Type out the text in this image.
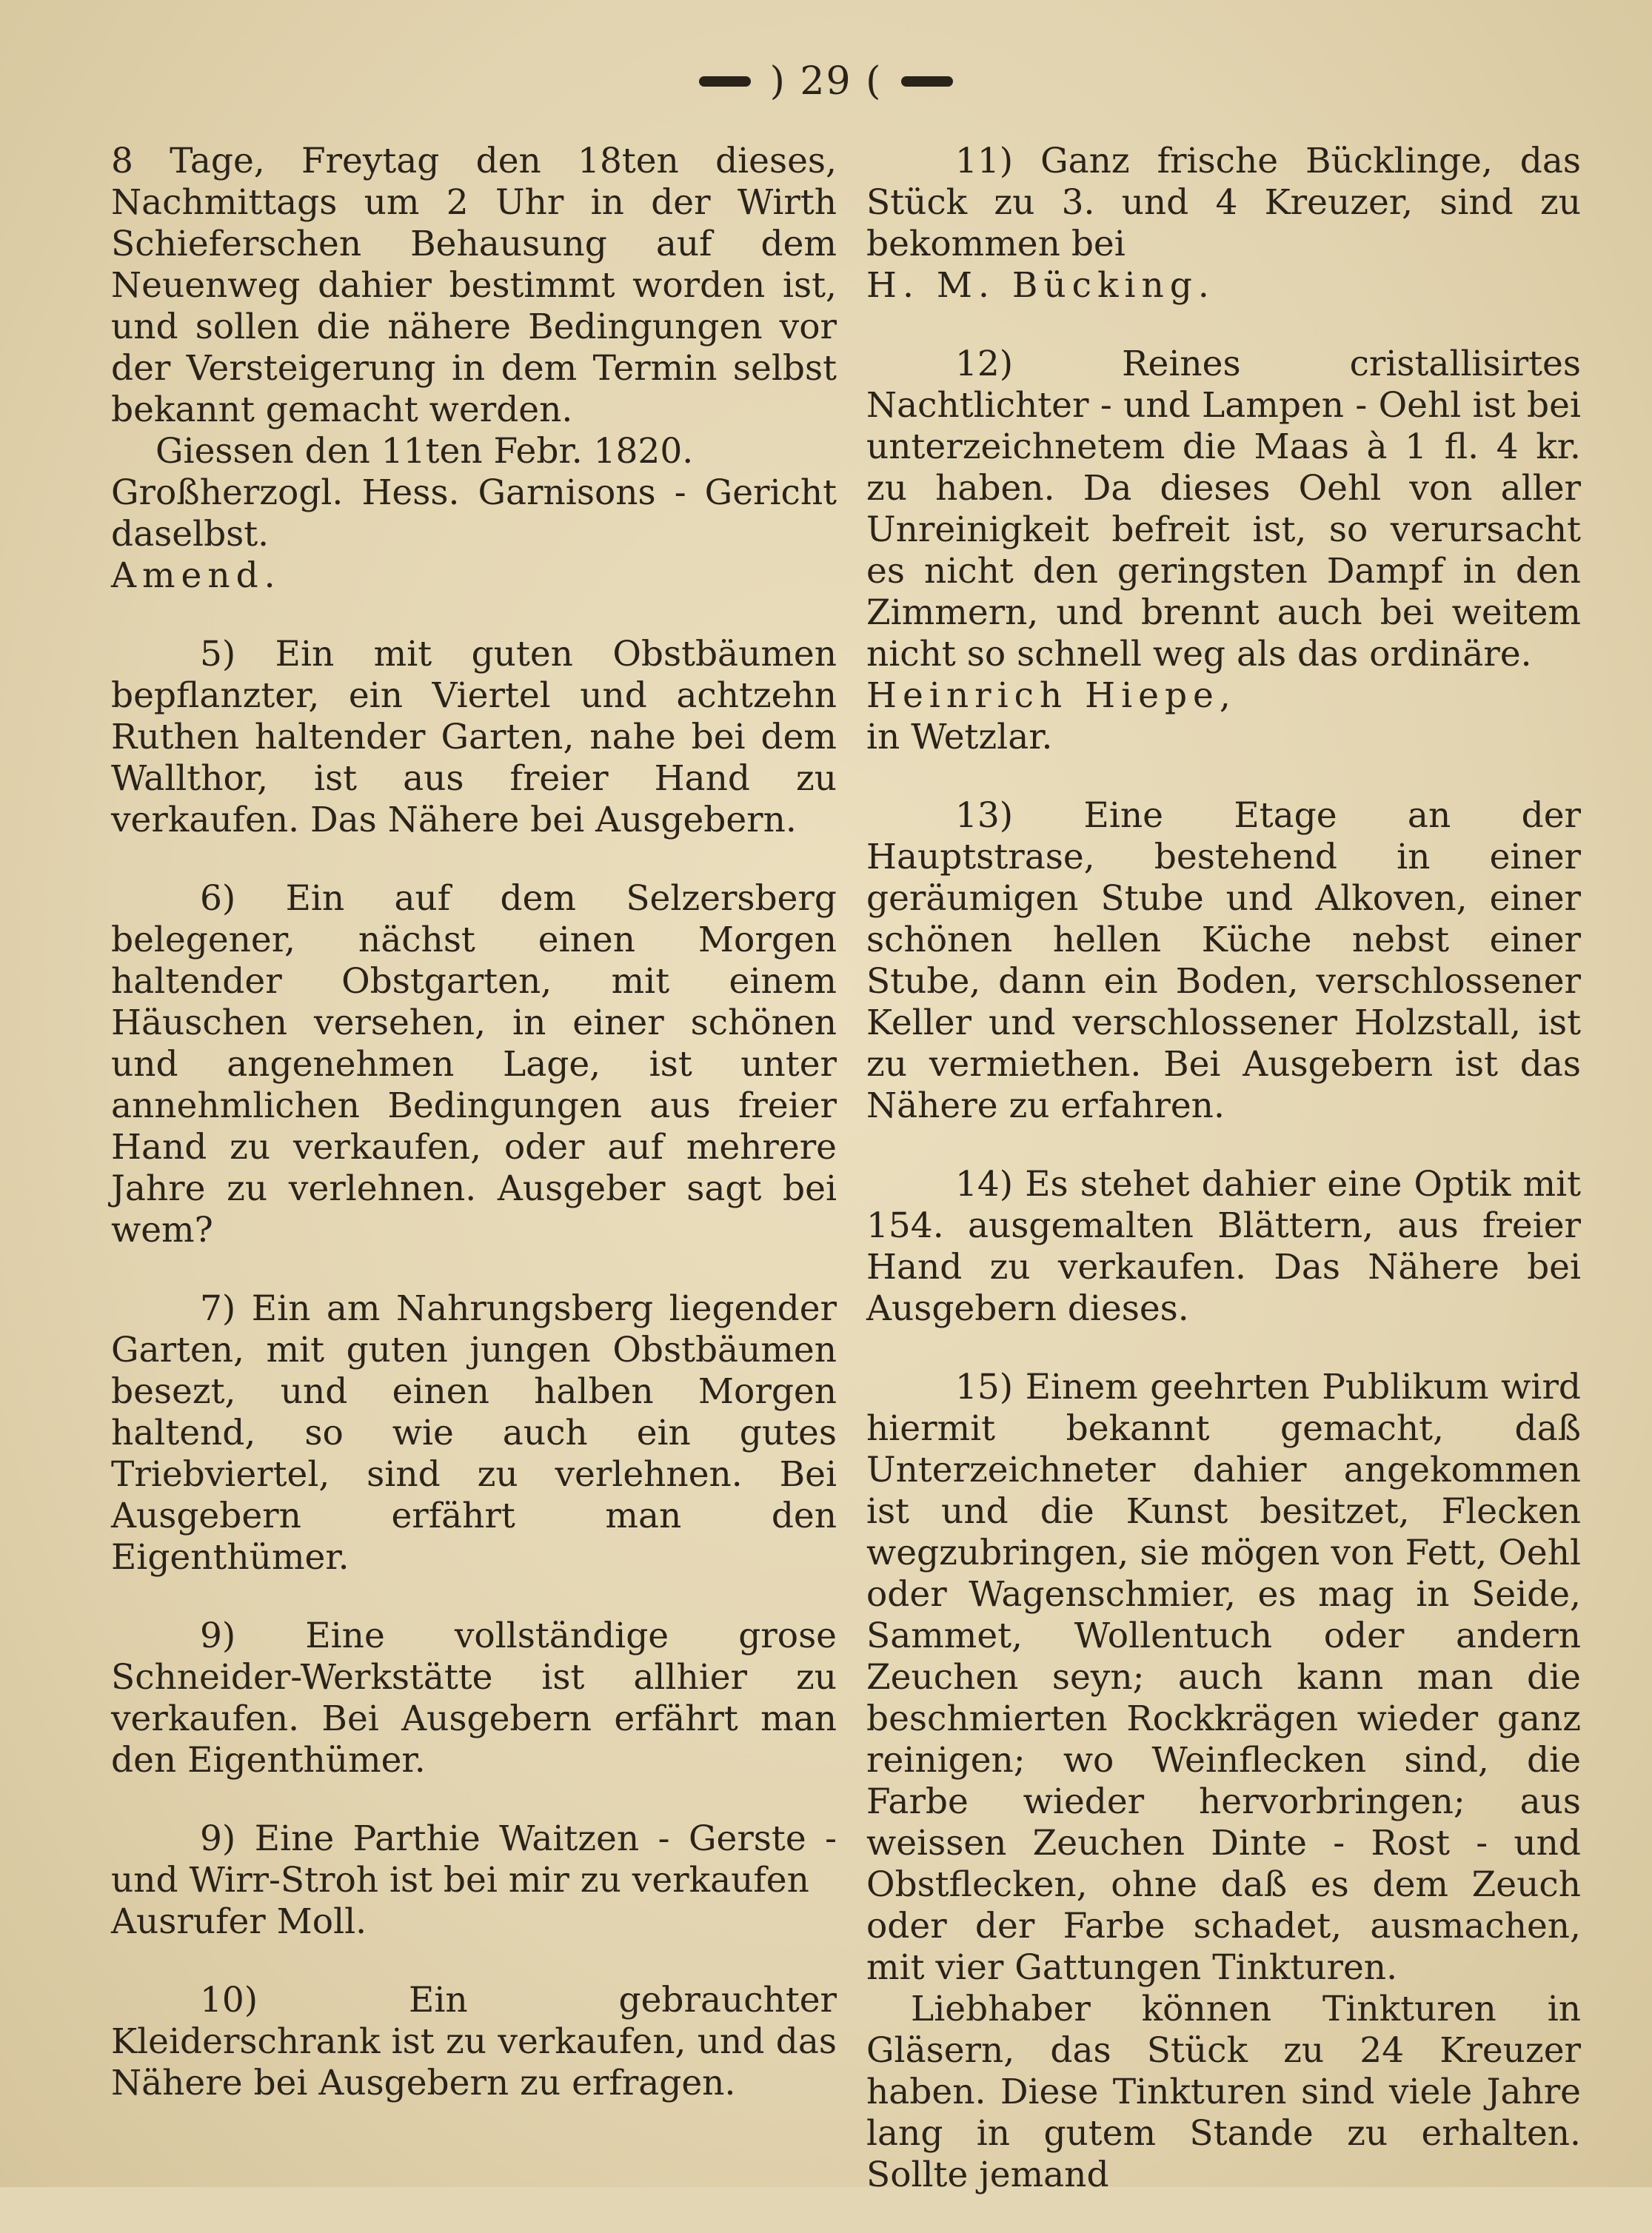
) 29 (

8 Tage, Freytag den 18ten dieses, Nachmittags um 2 Uhr in der Wirth Schieferschen Behausung auf dem Neuenweg dahier bestimmt worden ist, und sollen die nähere Bedingungen vor der Versteigerung in dem Termin selbst bekannt gemacht werden.

Giessen den 11ten Febr. 1820.

Großherzogl. Hess. Garnisons - Gericht daselbst.

Amend.

5) Ein mit guten Obstbäumen bepflanzter, ein Viertel und achtzehn Ruthen haltender Garten, nahe bei dem Wallthor, ist aus freier Hand zu verkaufen. Das Nähere bei Ausgebern.

6) Ein auf dem Selzersberg belegener, nächst einen Morgen haltender Obstgarten, mit einem Häuschen versehen, in einer schönen und angenehmen Lage, ist unter annehmlichen Bedingungen aus freier Hand zu verkaufen, oder auf mehrere Jahre zu verlehnen. Ausgeber sagt bei wem?

7) Ein am Nahrungsberg liegender Garten, mit guten jungen Obstbäumen besezt, und einen halben Morgen haltend, so wie auch ein gutes Triebviertel, sind zu verlehnen. Bei Ausgebern erfährt man den Eigenthümer.

9) Eine vollständige grose Schneider-Werkstätte ist allhier zu verkaufen. Bei Ausgebern erfährt man den Eigenthümer.

9) Eine Parthie Waitzen - Gerste - und Wirr-Stroh ist bei mir zu verkaufen

Ausrufer Moll.

10) Ein gebrauchter Kleiderschrank ist zu verkaufen, und das Nähere bei Ausgebern zu erfragen.

11) Ganz frische Bücklinge, das Stück zu 3. und 4 Kreuzer, sind zu bekommen bei

H. M. Bücking.

12) Reines cristallisirtes Nachtlichter - und Lampen - Oehl ist bei unterzeichnetem die Maas à 1 fl. 4 kr. zu haben. Da dieses Oehl von aller Unreinigkeit befreit ist, so verursacht es nicht den geringsten Dampf in den Zimmern, und brennt auch bei weitem nicht so schnell weg als das ordinäre.

Heinrich Hiepe,

in Wetzlar.

13) Eine Etage an der Hauptstrase, bestehend in einer geräumigen Stube und Alkoven, einer schönen hellen Küche nebst einer Stube, dann ein Boden, verschlossener Keller und verschlossener Holzstall, ist zu vermiethen. Bei Ausgebern ist das Nähere zu erfahren.

14) Es stehet dahier eine Optik mit 154. ausgemalten Blättern, aus freier Hand zu verkaufen. Das Nähere bei Ausgebern dieses.

15) Einem geehrten Publikum wird hiermit bekannt gemacht, daß Unterzeichneter dahier angekommen ist und die Kunst besitzet, Flecken wegzubringen, sie mögen von Fett, Oehl oder Wagenschmier, es mag in Seide, Sammet, Wollentuch oder andern Zeuchen seyn; auch kann man die beschmierten Rockkrägen wieder ganz reinigen; wo Weinflecken sind, die Farbe wieder hervorbringen; aus weissen Zeuchen Dinte - Rost - und Obstflecken, ohne daß es dem Zeuch oder der Farbe schadet, ausmachen, mit vier Gattungen Tinkturen.

Liebhaber können Tinkturen in Gläsern, das Stück zu 24 Kreuzer haben. Diese Tinkturen sind viele Jahre lang in gutem Stande zu erhalten. Sollte jemand
